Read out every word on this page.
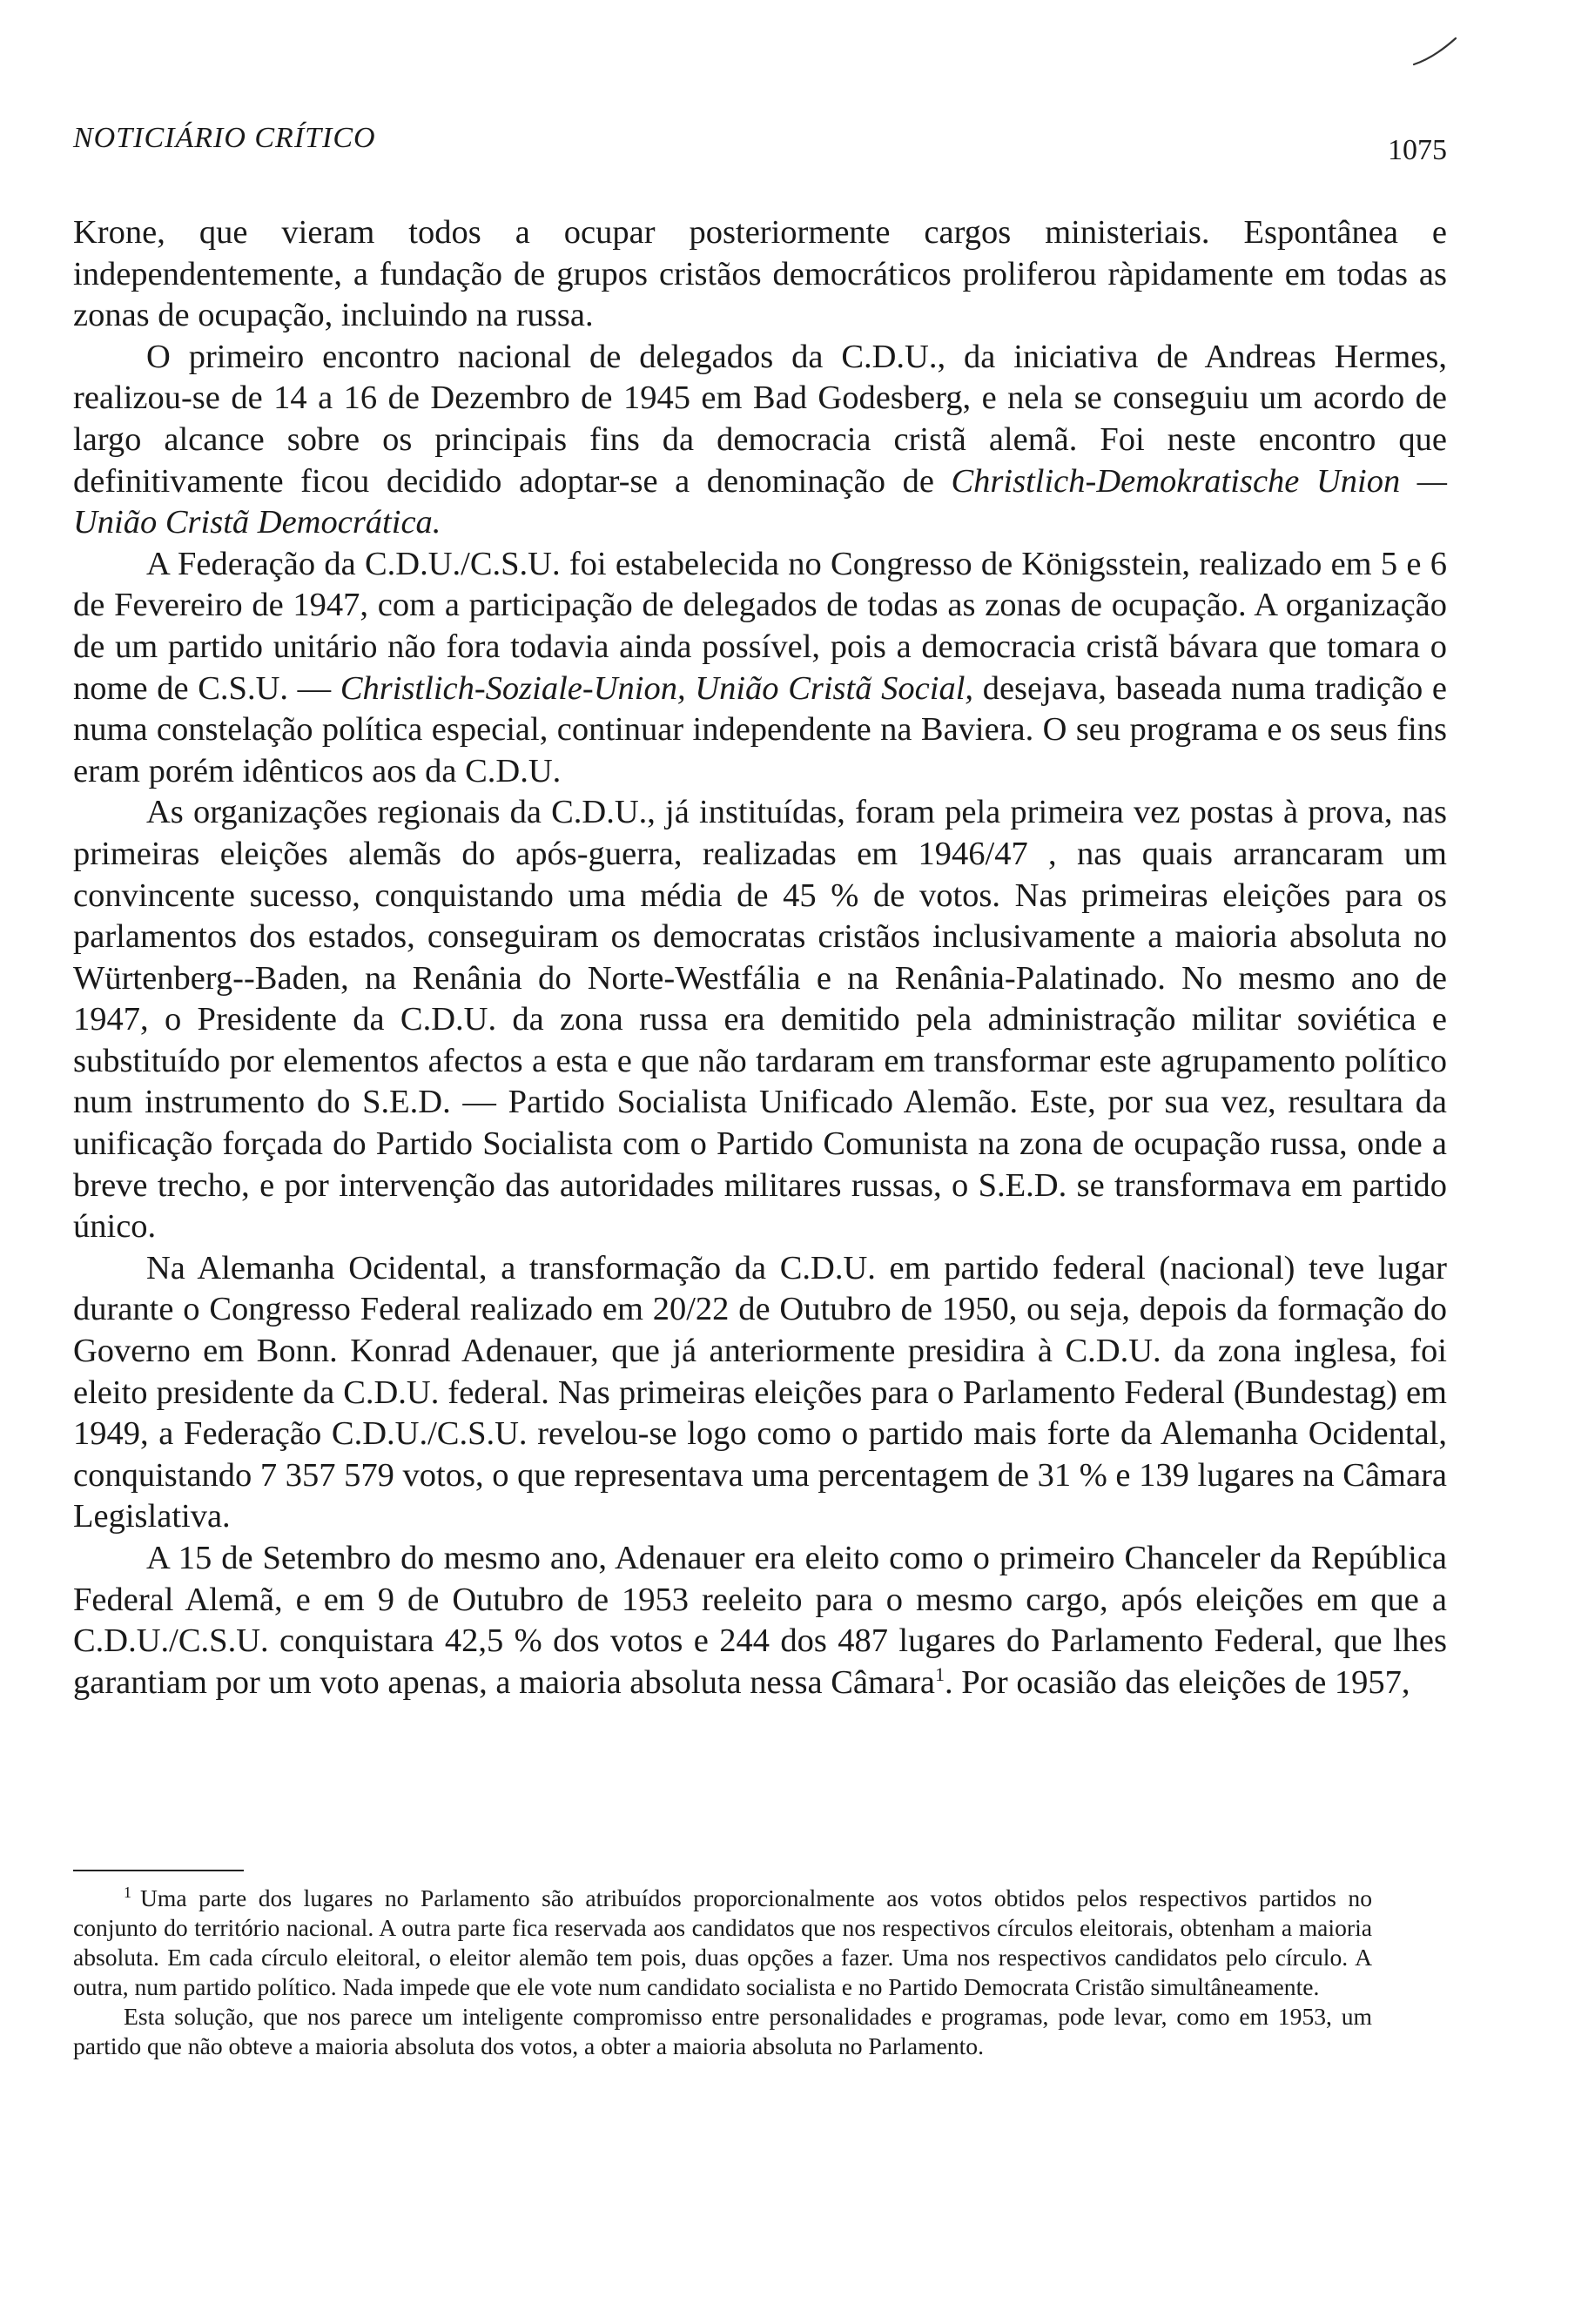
NOTICIÁRIO CRÍTICO	1075

Krone, que vieram todos a ocupar posteriormente cargos ministeriais. Espontânea e independentemente, a fundação de grupos cristãos democráticos proliferou ràpidamente em todas as zonas de ocupação, incluindo na russa.

O primeiro encontro nacional de delegados da C.D.U., da iniciativa de Andreas Hermes, realizou-se de 14 a 16 de Dezembro de 1945 em Bad Godesberg, e nela se conseguiu um acordo de largo alcance sobre os principais fins da democracia cristã alemã. Foi neste encontro que definitivamente ficou decidido adoptar-se a denominação de Christlich-Demokratische Union — União Cristã Democrática.

A Federação da C.D.U./C.S.U. foi estabelecida no Congresso de Königsstein, realizado em 5 e 6 de Fevereiro de 1947, com a participação de delegados de todas as zonas de ocupação. A organização de um partido unitário não fora todavia ainda possível, pois a democracia cristã bávara que tomara o nome de C.S.U. — Christlich-Soziale-Union, União Cristã Social, desejava, baseada numa tradição e numa constelação política especial, continuar independente na Baviera. O seu programa e os seus fins eram porém idênticos aos da C.D.U.

As organizações regionais da C.D.U., já instituídas, foram pela primeira vez postas à prova, nas primeiras eleições alemãs do após-guerra, realizadas em 1946/47 , nas quais arrancaram um convincente sucesso, conquistando uma média de 45 % de votos. Nas primeiras eleições para os parlamentos dos estados, conseguiram os democratas cristãos inclusivamente a maioria absoluta no Würtenberg--Baden, na Renânia do Norte-Westfália e na Renânia-Palatinado. No mesmo ano de 1947, o Presidente da C.D.U. da zona russa era demitido pela administração militar soviética e substituído por elementos afectos a esta e que não tardaram em transformar este agrupamento político num instrumento do S.E.D. — Partido Socialista Unificado Alemão. Este, por sua vez, resultara da unificação forçada do Partido Socialista com o Partido Comunista na zona de ocupação russa, onde a breve trecho, e por intervenção das autoridades militares russas, o S.E.D. se transformava em partido único.

Na Alemanha Ocidental, a transformação da C.D.U. em partido federal (nacional) teve lugar durante o Congresso Federal realizado em 20/22 de Outubro de 1950, ou seja, depois da formação do Governo em Bonn. Konrad Adenauer, que já anteriormente presidira à C.D.U. da zona inglesa, foi eleito presidente da C.D.U. federal. Nas primeiras eleições para o Parlamento Federal (Bundestag) em 1949, a Federação C.D.U./C.S.U. revelou-se logo como o partido mais forte da Alemanha Ocidental, conquistando 7 357 579 votos, o que representava uma percentagem de 31 % e 139 lugares na Câmara Legislativa.

A 15 de Setembro do mesmo ano, Adenauer era eleito como o primeiro Chanceler da República Federal Alemã, e em 9 de Outubro de 1953 reeleito para o mesmo cargo, após eleições em que a C.D.U./C.S.U. conquistara 42,5 % dos votos e 244 dos 487 lugares do Parlamento Federal, que lhes garantiam por um voto apenas, a maioria absoluta nessa Câmara$^1$. Por ocasião das eleições de 1957,

$^1$ Uma parte dos lugares no Parlamento são atribuídos proporcionalmente aos votos obtidos pelos respectivos partidos no conjunto do território nacional. A outra parte fica reservada aos candidatos que nos respectivos círculos eleitorais, obtenham a maioria absoluta. Em cada círculo eleitoral, o eleitor alemão tem pois, duas opções a fazer. Uma nos respectivos candidatos pelo círculo. A outra, num partido político. Nada impede que ele vote num candidato socialista e no Partido Democrata Cristão simultâneamente.

Esta solução, que nos parece um inteligente compromisso entre personalidades e programas, pode levar, como em 1953, um partido que não obteve a maioria absoluta dos votos, a obter a maioria absoluta no Parlamento.
